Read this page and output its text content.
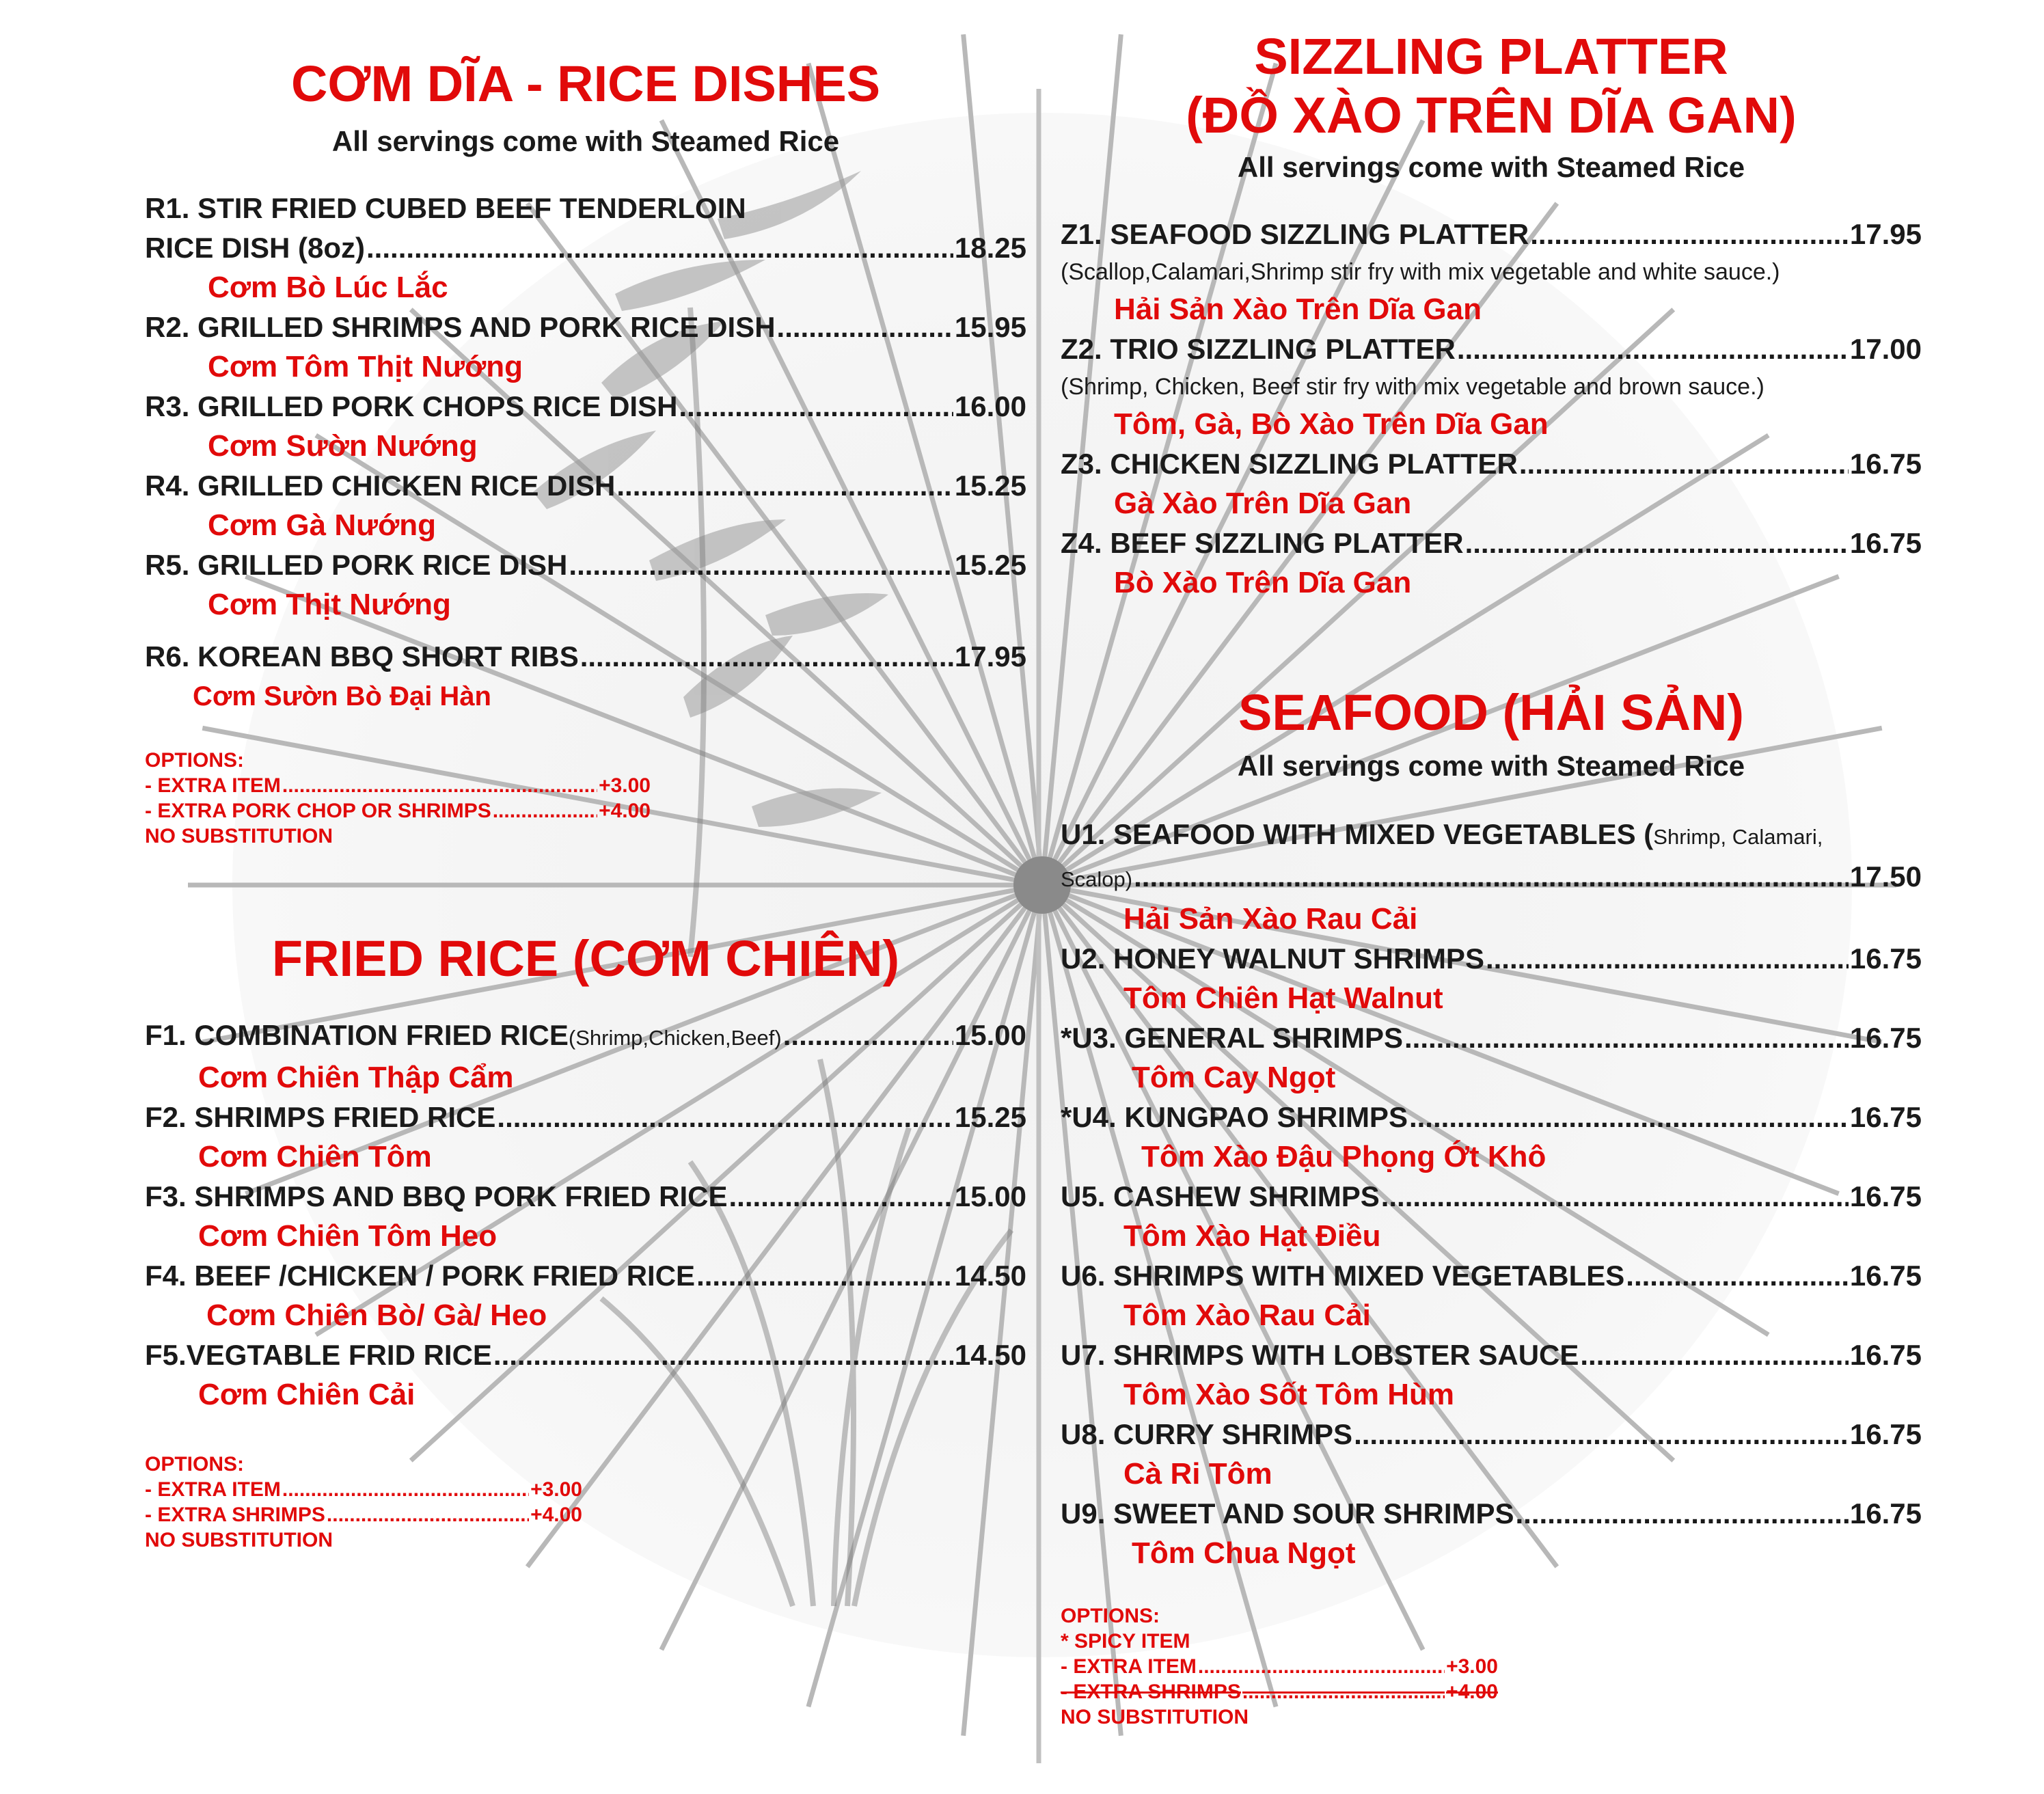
CƠM DĨA - RICE DISHES

All servings come with Steamed Rice

R1. STIR FRIED CUBED BEEF TENDERLOIN
RICE DISH (8oz) .....	18.25
Cơm Bò Lúc Lắc
R2. GRILLED SHRIMPS AND PORK RICE DISH .....	15.95
Cơm Tôm Thịt Nướng
R3. GRILLED PORK CHOPS RICE DISH .....	16.00
Cơm Sườn Nướng
R4. GRILLED CHICKEN RICE DISH .....	15.25
Cơm Gà Nướng
R5. GRILLED PORK RICE DISH .....	15.25
Cơm Thịt Nướng
R6. KOREAN BBQ SHORT RIBS .....	17.95
Cơm Sườn Bò Đại Hàn
OPTIONS:
- EXTRA ITEM .....	+3.00
- EXTRA PORK CHOP OR SHRIMPS .....	+4.00
NO SUBSTITUTION
FRIED RICE (CƠM CHIÊN)
F1. COMBINATION FRIED RICE(Shrimp,Chicken,Beef) .....	15.00
Cơm Chiên Thập Cẩm
F2. SHRIMPS FRIED RICE .....	15.25
Cơm Chiên Tôm
F3. SHRIMPS AND BBQ PORK FRIED RICE .....	15.00
Cơm Chiên Tôm Heo
F4. BEEF /CHICKEN / PORK FRIED RICE .....	14.50
Cơm Chiên Bò/ Gà/ Heo
F5.VEGTABLE FRID RICE .....	14.50
Cơm Chiên Cải
OPTIONS:
- EXTRA ITEM .....	+3.00
- EXTRA SHRIMPS .....	+4.00
NO SUBSTITUTION
SIZZLING PLATTER
(ĐỒ XÀO TRÊN DĨA GAN)

All servings come with Steamed Rice

Z1. SEAFOOD SIZZLING PLATTER .....	17.95
(Scallop,Calamari,Shrimp stir fry with mix vegetable and white sauce.)
Hải Sản Xào Trên Dĩa Gan
Z2. TRIO SIZZLING PLATTER .....	17.00
(Shrimp, Chicken, Beef stir fry with mix vegetable and brown sauce.)
Tôm, Gà, Bò Xào Trên Dĩa Gan
Z3. CHICKEN SIZZLING PLATTER .....	16.75
Gà Xào Trên Dĩa Gan
Z4. BEEF SIZZLING PLATTER .....	16.75
Bò Xào Trên Dĩa Gan
SEAFOOD (HẢI SẢN)

All servings come with Steamed Rice

U1. SEAFOOD WITH MIXED VEGETABLES (Shrimp, Calamari,
Scalop) .....	17.50
Hải Sản Xào Rau Cải
U2. HONEY WALNUT SHRIMPS .....	16.75
Tôm Chiên Hạt Walnut
*U3. GENERAL SHRIMPS .....	16.75
Tôm Cay Ngọt
*U4. KUNGPAO SHRIMPS .....	16.75
Tôm Xào Đậu Phọng Ớt Khô
U5. CASHEW SHRIMPS .....	16.75
Tôm Xào Hạt Điều
U6. SHRIMPS WITH MIXED VEGETABLES .....	16.75
Tôm Xào Rau Cải
U7. SHRIMPS WITH LOBSTER SAUCE .....	16.75
Tôm Xào Sốt Tôm Hùm
U8. CURRY SHRIMPS .....	16.75
Cà Ri Tôm
U9. SWEET AND SOUR SHRIMPS .....	16.75
Tôm Chua Ngọt
OPTIONS:
* SPICY ITEM
- EXTRA ITEM .....	+3.00
- EXTRA SHRIMPS .....	+4.00
NO SUBSTITUTION
